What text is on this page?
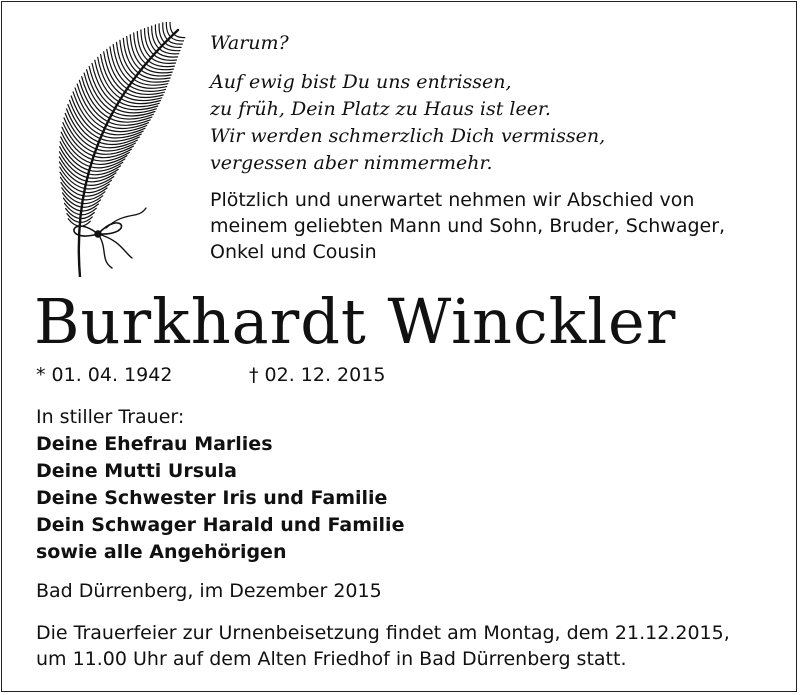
Warum?
Auf ewig bist Du uns entrissen,
zu früh, Dein Platz zu Haus ist leer.
Wir werden schmerzlich Dich vermissen,
vergessen aber nimmermehr.
Plötzlich und unerwartet nehmen wir Abschied von
meinem geliebten Mann und Sohn, Bruder, Schwager,
Onkel und Cousin
Burkhardt Winckler
* 01. 04. 1942	† 02. 12. 2015
In stiller Trauer:
Deine Ehefrau Marlies
Deine Mutti Ursula
Deine Schwester Iris und Familie
Dein Schwager Harald und Familie
sowie alle Angehörigen
Bad Dürrenberg, im Dezember 2015
Die Trauerfeier zur Urnenbeisetzung findet am Montag, dem 21.12.2015,
um 11.00 Uhr auf dem Alten Friedhof in Bad Dürrenberg statt.
